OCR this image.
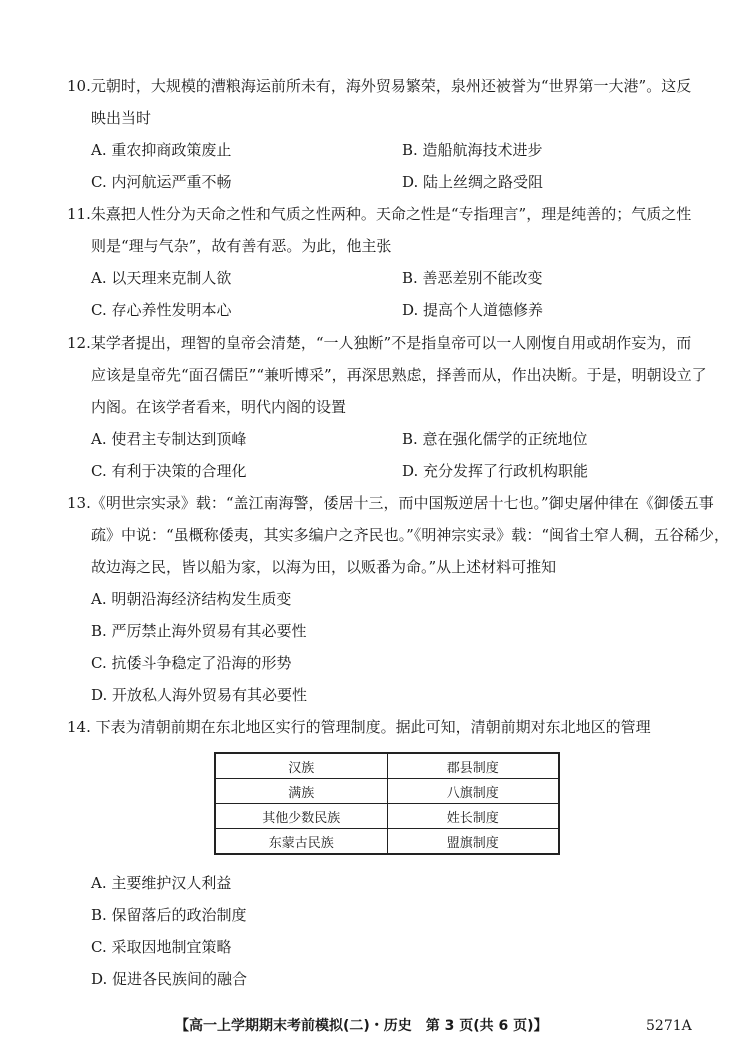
10.元朝时，大规模的漕粮海运前所未有，海外贸易繁荣，泉州还被誉为“世界第一大港”。这反
映出当时
A. 重农抑商政策废止	B. 造船航海技术进步
C. 内河航运严重不畅	D. 陆上丝绸之路受阻
11.朱熹把人性分为天命之性和气质之性两种。天命之性是“专指理言”，理是纯善的；气质之性
则是“理与气杂”，故有善有恶。为此，他主张
A. 以天理来克制人欲	B. 善恶差别不能改变
C. 存心养性发明本心	D. 提高个人道德修养
12.某学者提出，理智的皇帝会清楚，“一人独断”不是指皇帝可以一人刚愎自用或胡作妄为，而
应该是皇帝先“面召儒臣”“兼听博采”，再深思熟虑，择善而从，作出决断。于是，明朝设立了
内阁。在该学者看来，明代内阁的设置
A. 使君主专制达到顶峰	B. 意在强化儒学的正统地位
C. 有利于决策的合理化	D. 充分发挥了行政机构职能
13.《明世宗实录》载：“盖江南海警，倭居十三，而中国叛逆居十七也。”御史屠仲律在《御倭五事
疏》中说：“虽概称倭夷，其实多编户之齐民也。”《明神宗实录》载：“闽省土窄人稠，五谷稀少，
故边海之民，皆以船为家，以海为田，以贩番为命。”从上述材料可推知
A. 明朝沿海经济结构发生质变
B. 严厉禁止海外贸易有其必要性
C. 抗倭斗争稳定了沿海的形势
D. 开放私人海外贸易有其必要性
14. 下表为清朝前期在东北地区实行的管理制度。据此可知，清朝前期对东北地区的管理
汉族	郡县制度
满族	八旗制度
其他少数民族	姓长制度
东蒙古民族	盟旗制度
A. 主要维护汉人利益
B. 保留落后的政治制度
C. 采取因地制宜策略
D. 促进各民族间的融合
【高一上学期期末考前模拟(二)・历史　第 3 页(共 6 页)】	5271A
